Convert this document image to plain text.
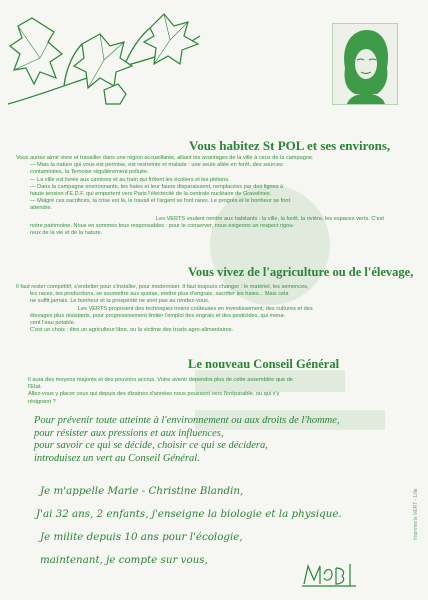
Vous habitez St POL et ses environs,

Vous auriez aimé vivre et travailler dans une région accueillante, alliant les avantages de la ville à ceux de la campagne.
— Mais la nature qui vous est permise, est restreinte et malade : une seule allée en forêt, des sources
contaminées, la Ternoise régulièrement polluée.
— La ville est livrée aux camions et au train qui frôlent les écoliers et les piétons.
— Dans la campagne environnante, les haies et leur faune disparaissent, remplacées par des lignes à
haute tension d'E.D.F. qui emportent vers Paris l'électricité de la centrale nucléaire de Gravelines.
— Malgré ces sacrifices, la crise est là, le travail et l'argent se font rares. Le progrès et le bonheur se font
attendre.
Les VERTS veulent rendre aux habitants : la ville, la forêt, la rivière, les espaces verts. C'est
notre patrimoine. Nous en sommes tous responsables : pour le conserver, nous exigeons un respect rigou-
reux de la vie et de la nature.

Vous vivez de l'agriculture ou de l'élevage,

Il faut rester compétitif, s'endetter pour s'installer, pour moderniser. Il faut toujours changer : le matériel, les semences,
les races, les productions, se soumettre aux quotas, mettre plus d'engrais, sacrifier les haies... Mais cela
ne suffit jamais. Le bonheur et la prospérité ne sont pas au rendez-vous.
Les VERTS proposent des techniques moins coûteuses en investissement, des cultures et des
élevages plus résistants, pour progressivement limiter l'emploi des engrais et des pesticides, qui mena-
cent l'eau potable.
C'est un choix : être un agriculteur libre, ou la victime des trusts agro-alimentaires.

Le nouveau Conseil Général

Il aura des moyens majorés et des pouvoirs accrus. Votre avenir dépendra plus de cette assemblée que de
l'Etat.
Allez-vous y placer ceux qui depuis des dizaines d'années nous poussent vers l'irréparable, ou qui s'y
résignent ?

Pour prévenir toute atteinte à l'environnement ou aux droits de l'homme,
pour résister aux pressions et aux influences,
pour savoir ce qui se décide, choisir ce qui se décidera,
introduisez un vert au Conseil Général.

Je m'appelle Marie - Christine Blandin,
J'ai 32 ans, 2 enfants, j'enseigne la biologie et la physique.
Je milite depuis 10 ans pour l'écologie,
maintenant, je compte sur vous,

Imprimerie VERT - Lille
